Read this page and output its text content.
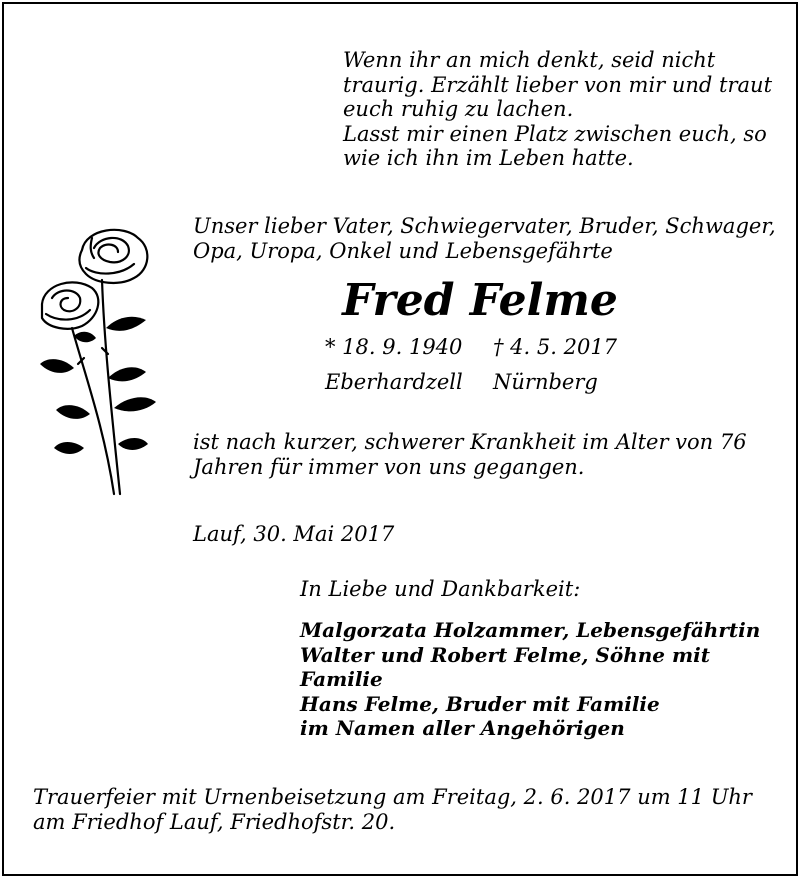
Wenn ihr an mich denkt, seid nicht
traurig. Erzählt lieber von mir und traut
euch ruhig zu lachen.
Lasst mir einen Platz zwischen euch, so
wie ich ihn im Leben hatte.
Unser lieber Vater, Schwiegervater, Bruder, Schwager,
Opa, Uropa, Onkel und Lebensgefährte
Fred Felme
* 18. 9. 1940	† 4. 5. 2017
Eberhardzell	Nürnberg
ist nach kurzer, schwerer Krankheit im Alter von 76
Jahren für immer von uns gegangen.
Lauf, 30. Mai 2017
In Liebe und Dankbarkeit:
Malgorzata Holzammer, Lebensgefährtin
Walter und Robert Felme, Söhne mit
Familie
Hans Felme, Bruder mit Familie
im Namen aller Angehörigen
Trauerfeier mit Urnenbeisetzung am Freitag, 2. 6. 2017 um 11 Uhr
am Friedhof Lauf, Friedhofstr. 20.
